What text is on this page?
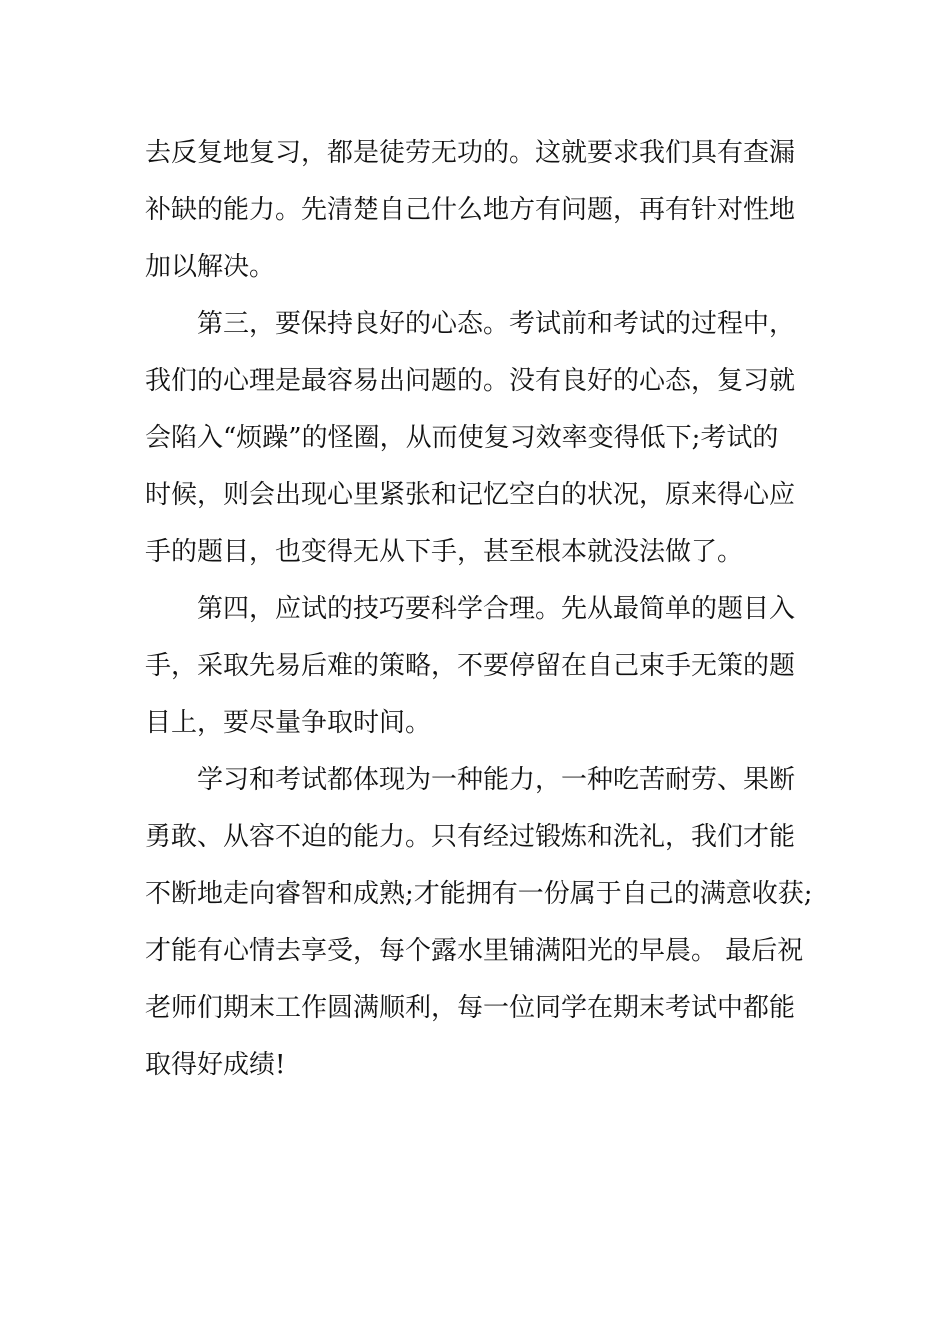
去反复地复习，都是徒劳无功的。这就要求我们具有查漏

补缺的能力。先清楚自己什么地方有问题，再有针对性地

加以解决。

第三，要保持良好的心态。考试前和考试的过程中，

我们的心理是最容易出问题的。没有良好的心态，复习就

会陷入“烦躁”的怪圈，从而使复习效率变得低下;考试的

时候，则会出现心里紧张和记忆空白的状况，原来得心应

手的题目，也变得无从下手，甚至根本就没法做了。

第四，应试的技巧要科学合理。先从最简单的题目入

手，采取先易后难的策略，不要停留在自己束手无策的题

目上，要尽量争取时间。

学习和考试都体现为一种能力，一种吃苦耐劳、果断

勇敢、从容不迫的能力。只有经过锻炼和洗礼，我们才能

不断地走向睿智和成熟;才能拥有一份属于自己的满意收获;

才能有心情去享受，每个露水里铺满阳光的早晨。 最后祝

老师们期末工作圆满顺利，每一位同学在期末考试中都能

取得好成绩!
